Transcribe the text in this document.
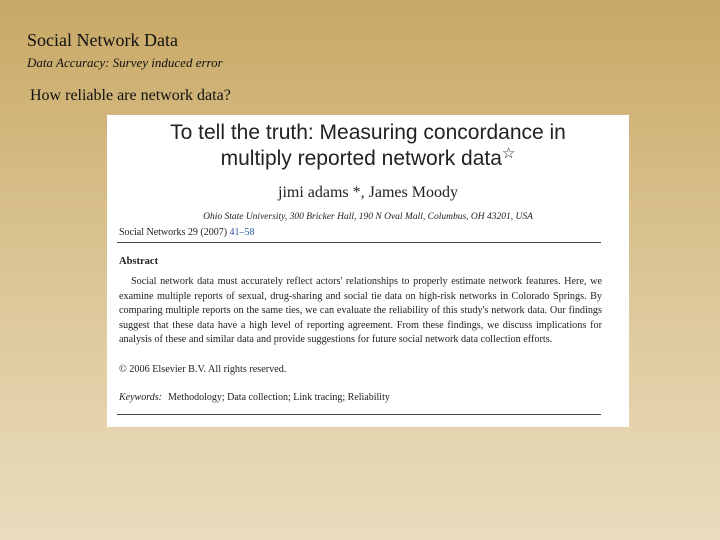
Social Network Data
Data Accuracy: Survey induced error
How reliable are network data?
To tell the truth: Measuring concordance in
multiply reported network data☆
jimi adams *, James Moody
Ohio State University, 300 Bricker Hall, 190 N Oval Mall, Columbus, OH 43201, USA
Social Networks 29 (2007) 41–58
Abstract
Social network data must accurately reflect actors' relationships to properly estimate network features. Here, we examine multiple reports of sexual, drug-sharing and social tie data on high-risk networks in Colorado Springs. By comparing multiple reports on the same ties, we can evaluate the reliability of this study's network data. Our findings suggest that these data have a high level of reporting agreement. From these findings, we discuss implications for analysis of these and similar data and provide suggestions for future social network data collection efforts.
© 2006 Elsevier B.V. All rights reserved.
Keywords: Methodology; Data collection; Link tracing; Reliability
